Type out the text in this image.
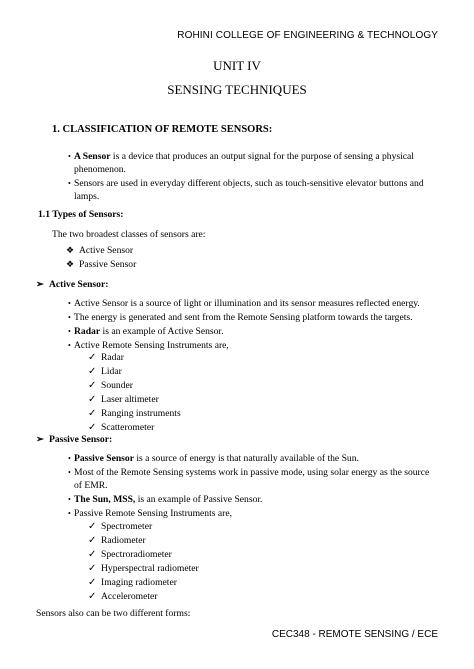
ROHINI COLLEGE OF ENGINEERING & TECHNOLOGY
UNIT IV
SENSING TECHNIQUES
1. CLASSIFICATION OF REMOTE SENSORS:
• A Sensor is a device that produces an output signal for the purpose of sensing a physical
phenomenon.
• Sensors are used in everyday different objects, such as touch-sensitive elevator buttons and
lamps.
1.1 Types of Sensors:
The two broadest classes of sensors are:
❖ Active Sensor
❖ Passive Sensor
➢ Active Sensor:
• Active Sensor is a source of light or illumination and its sensor measures reflected energy.
• The energy is generated and sent from the Remote Sensing platform towards the targets.
• Radar is an example of Active Sensor.
• Active Remote Sensing Instruments are,
✓ Radar
✓ Lidar
✓ Sounder
✓ Laser altimeter
✓ Ranging instruments
✓ Scatterometer
➢ Passive Sensor:
• Passive Sensor is a source of energy is that naturally available of the Sun.
• Most of the Remote Sensing systems work in passive mode, using solar energy as the source
of EMR.
• The Sun, MSS, is an example of Passive Sensor.
• Passive Remote Sensing Instruments are,
✓ Spectrometer
✓ Radiometer
✓ Spectroradiometer
✓ Hyperspectral radiometer
✓ Imaging radiometer
✓ Accelerometer
Sensors also can be two different forms:
CEC348 - REMOTE SENSING / ECE
